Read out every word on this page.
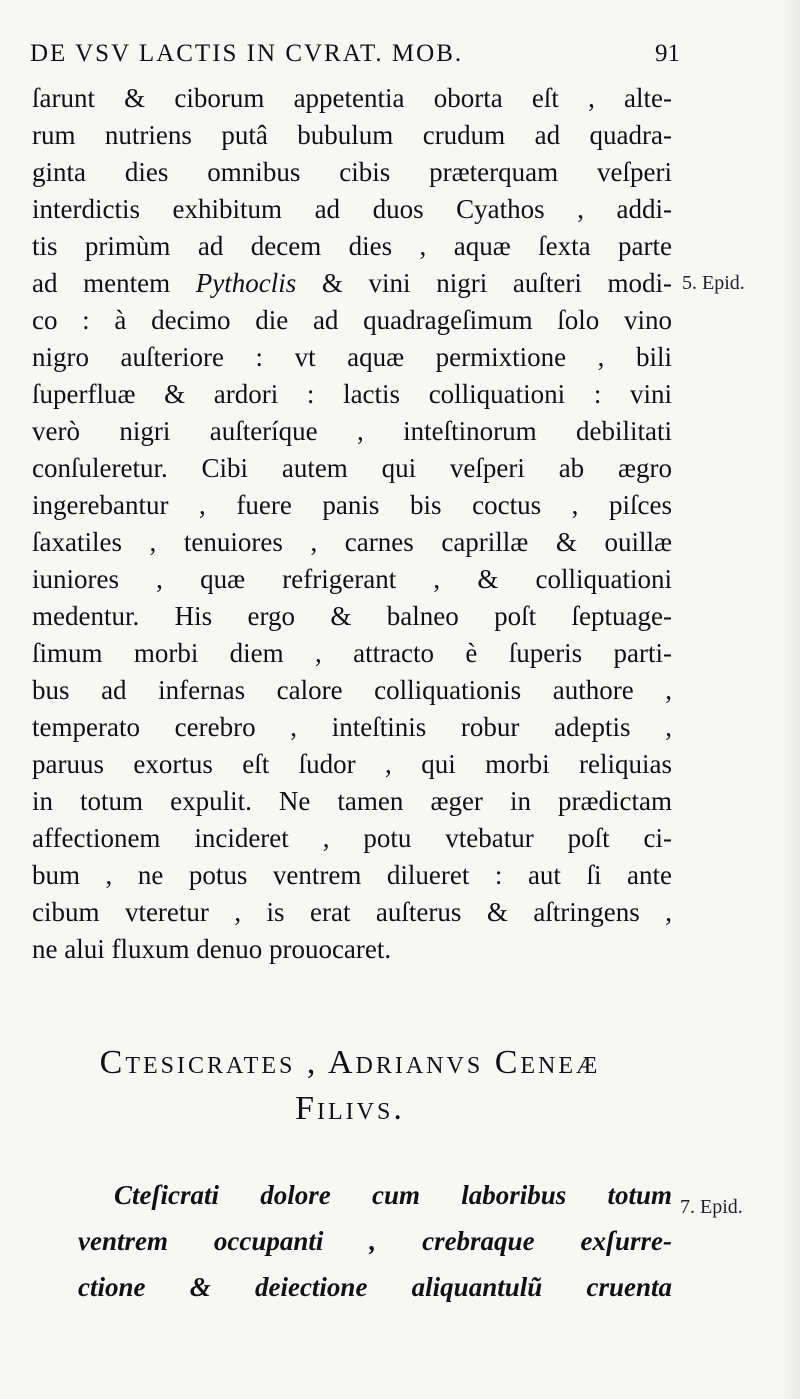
DE VSV LACTIS IN CVRAT. MOB.	91
ſarunt & ciborum appetentia oborta eſt , alte-
rum nutriens putâ bubulum crudum ad quadra-
ginta dies omnibus cibis præterquam veſperi
interdictis exhibitum ad duos Cyathos , addi-
tis primùm ad decem dies , aquæ ſexta parte
ad mentem Pythoclis & vini nigri auſteri modi-
co : à decimo die ad quadrageſimum ſolo vino
nigro auſteriore : vt aquæ permixtione , bili
ſuperfluæ & ardori : lactis colliquationi : vini
verò nigri auſteríque , inteſtinorum debilitati
conſuleretur. Cibi autem qui veſperi ab ægro
ingerebantur , fuere panis bis coctus , piſces
ſaxatiles , tenuiores , carnes caprillæ & ouillæ
iuniores , quæ refrigerant , & colliquationi
medentur. His ergo & balneo poſt ſeptuage-
ſimum morbi diem , attracto è ſuperis parti-
bus ad infernas calore colliquationis authore ,
temperato cerebro , inteſtinis robur adeptis ,
paruus exortus eſt ſudor , qui morbi reliquias
in totum expulit. Ne tamen æger in prædictam
affectionem incideret , potu vtebatur poſt ci-
bum , ne potus ventrem dilueret : aut ſi ante
cibum vteretur , is erat auſterus & aſtringens ,
ne alui fluxum denuo prouocaret.
5. Epid.
Ctesicrates , Adrianvs Ceneæ
Filivs.
Cteſicrati dolore cum laboribus totum
ventrem occupanti , crebraque exſurre-
ctione & deiectione aliquantulũ cruenta
7. Epid.
